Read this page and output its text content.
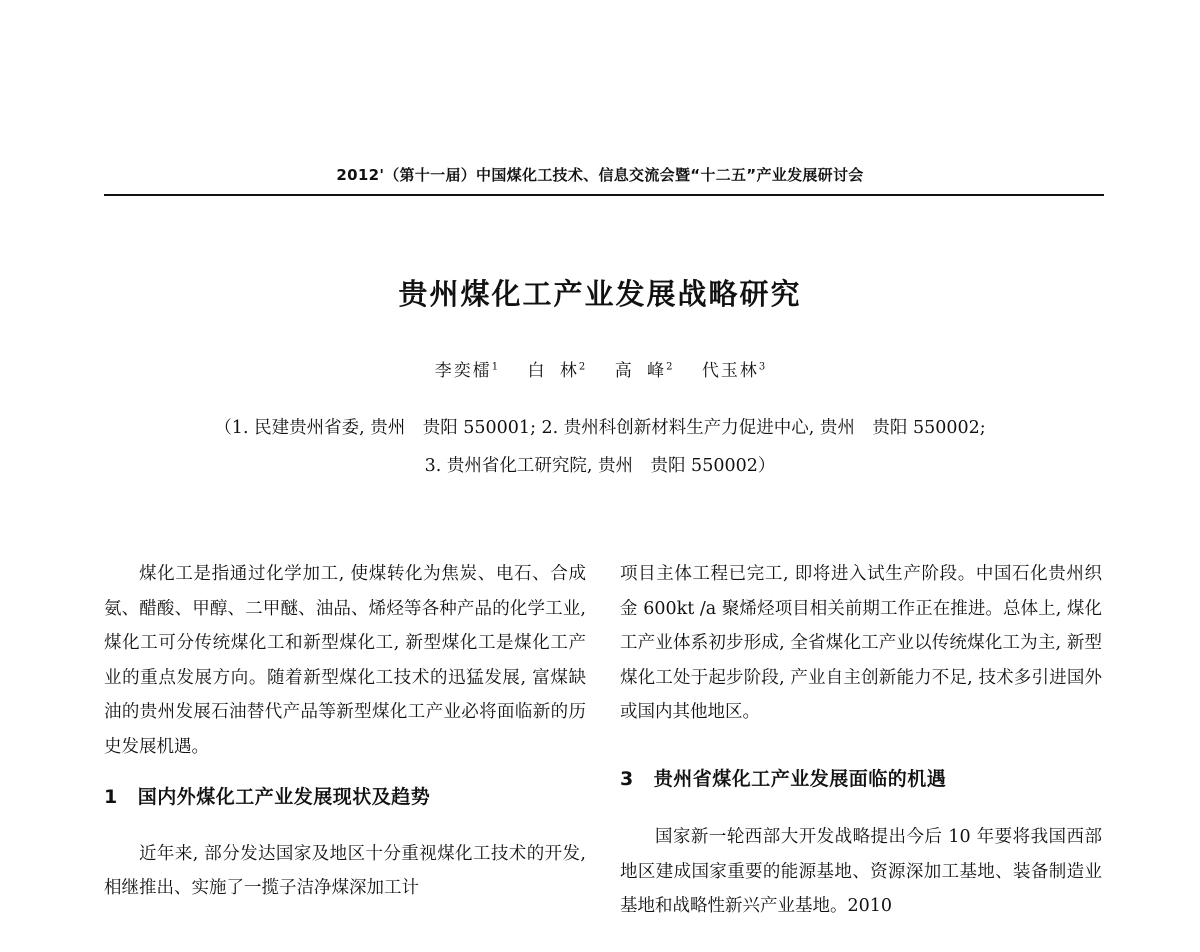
2012'（第十一届）中国煤化工技术、信息交流会暨“十二五”产业发展研讨会
贵州煤化工产业发展战略研究
李奕檑$^1$ 白 林$^2$ 高 峰$^2$ 代玉林$^3$
（1. 民建贵州省委, 贵州　贵阳 550001; 2. 贵州科创新材料生产力促进中心, 贵州　贵阳 550002;
3. 贵州省化工研究院, 贵州　贵阳 550002）

煤化工是指通过化学加工, 使煤转化为焦炭、电石、合成氨、醋酸、甲醇、二甲醚、油品、烯烃等各种产品的化学工业, 煤化工可分传统煤化工和新型煤化工, 新型煤化工是煤化工产业的重点发展方向。随着新型煤化工技术的迅猛发展, 富煤缺油的贵州发展石油替代产品等新型煤化工产业必将面临新的历史发展机遇。

1 国内外煤化工产业发展现状及趋势

近年来, 部分发达国家及地区十分重视煤化工技术的开发, 相继推出、实施了一揽子洁净煤深加工计

项目主体工程已完工, 即将进入试生产阶段。中国石化贵州织金 600kt /a 聚烯烃项目相关前期工作正在推进。总体上, 煤化工产业体系初步形成, 全省煤化工产业以传统煤化工为主, 新型煤化工处于起步阶段, 产业自主创新能力不足, 技术多引进国外或国内其他地区。

3 贵州省煤化工产业发展面临的机遇

国家新一轮西部大开发战略提出今后 10 年要将我国西部地区建成国家重要的能源基地、资源深加工基地、装备制造业基地和战略性新兴产业基地。2010
